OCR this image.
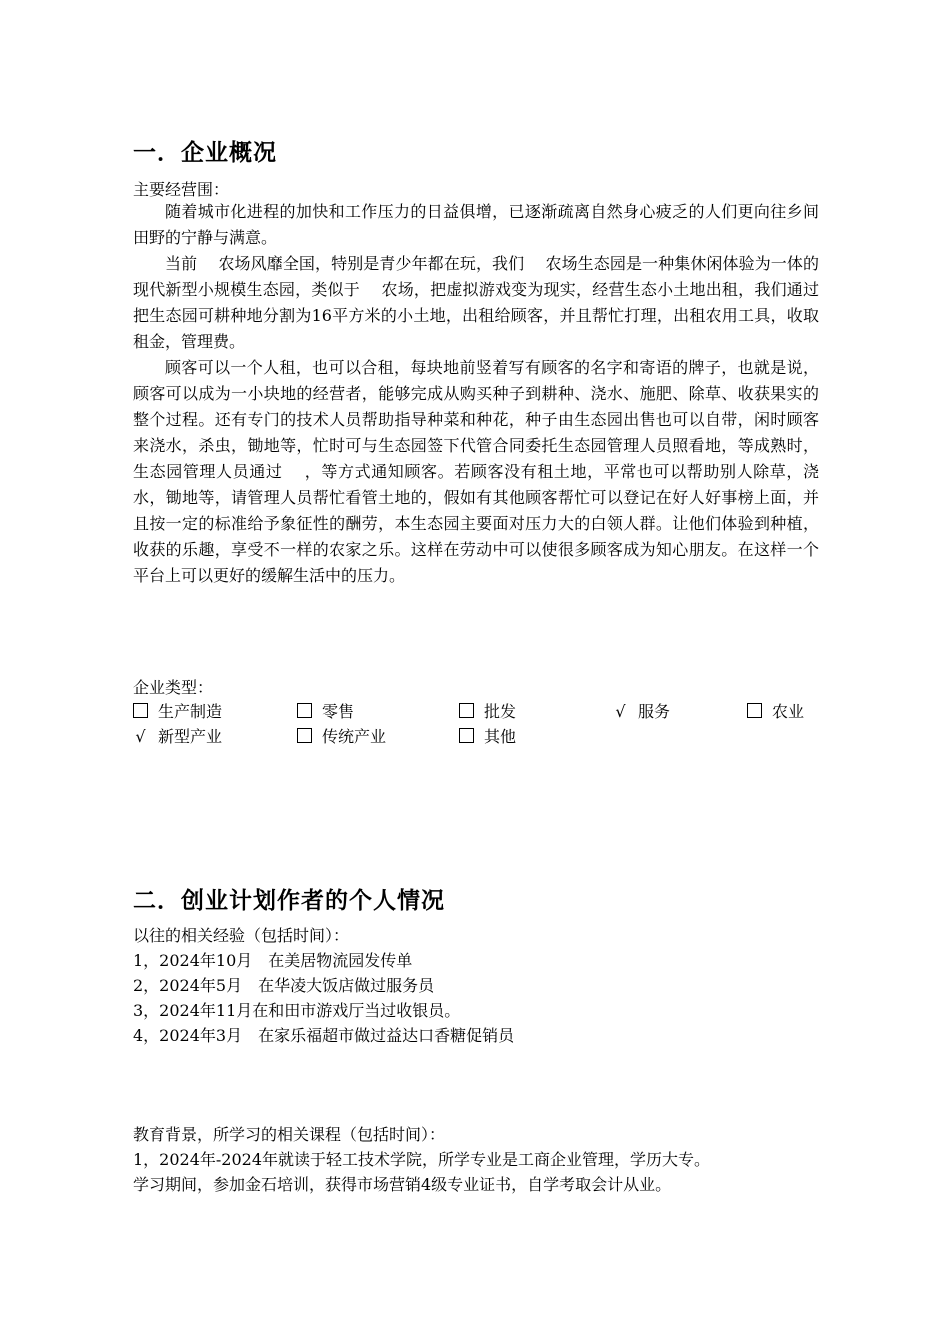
一．企业概况
主要经营围：

随着城市化进程的加快和工作压力的日益俱增，已逐渐疏离自然身心疲乏的人们更向往乡间田野的宁静与满意。

当前　 农场风靡全国，特别是青少年都在玩，我们　 农场生态园是一种集休闲体验为一体的现代新型小规模生态园，类似于　 农场，把虚拟游戏变为现实，经营生态小土地出租，我们通过把生态园可耕种地分割为16平方米的小土地，出租给顾客，并且帮忙打理，出租农用工具，收取租金，管理费。

顾客可以一个人租，也可以合租，每块地前竖着写有顾客的名字和寄语的牌子，也就是说，顾客可以成为一小块地的经营者，能够完成从购买种子到耕种、浇水、施肥、除草、收获果实的整个过程。还有专门的技术人员帮助指导种菜和种花，种子由生态园出售也可以自带，闲时顾客来浇水，杀虫，锄地等，忙时可与生态园签下代管合同委托生态园管理人员照看地，等成熟时，生态园管理人员通过　 ，等方式通知顾客。若顾客没有租土地，平常也可以帮助别人除草，浇水，锄地等，请管理人员帮忙看管土地的，假如有其他顾客帮忙可以登记在好人好事榜上面，并且按一定的标准给予象征性的酬劳，本生态园主要面对压力大的白领人群。让他们体验到种植，收获的乐趣，享受不一样的农家之乐。这样在劳动中可以使很多顾客成为知心朋友。在这样一个平台上可以更好的缓解生活中的压力。

企业类型：
生产制造	零售	批发	√ 服务	农业
√ 新型产业	传统产业	其他
二．创业计划作者的个人情况
以往的相关经验（包括时间）：
1，2024年10月　在美居物流园发传单
2，2024年5月　在华凌大饭店做过服务员
3，2024年11月在和田市游戏厅当过收银员。
4，2024年3月　在家乐福超市做过益达口香糖促销员
教育背景，所学习的相关课程（包括时间）：
1，2024年-2024年就读于轻工技术学院，所学专业是工商企业管理，学历大专。
学习期间，参加金石培训，获得市场营销4级专业证书，自学考取会计从业。
